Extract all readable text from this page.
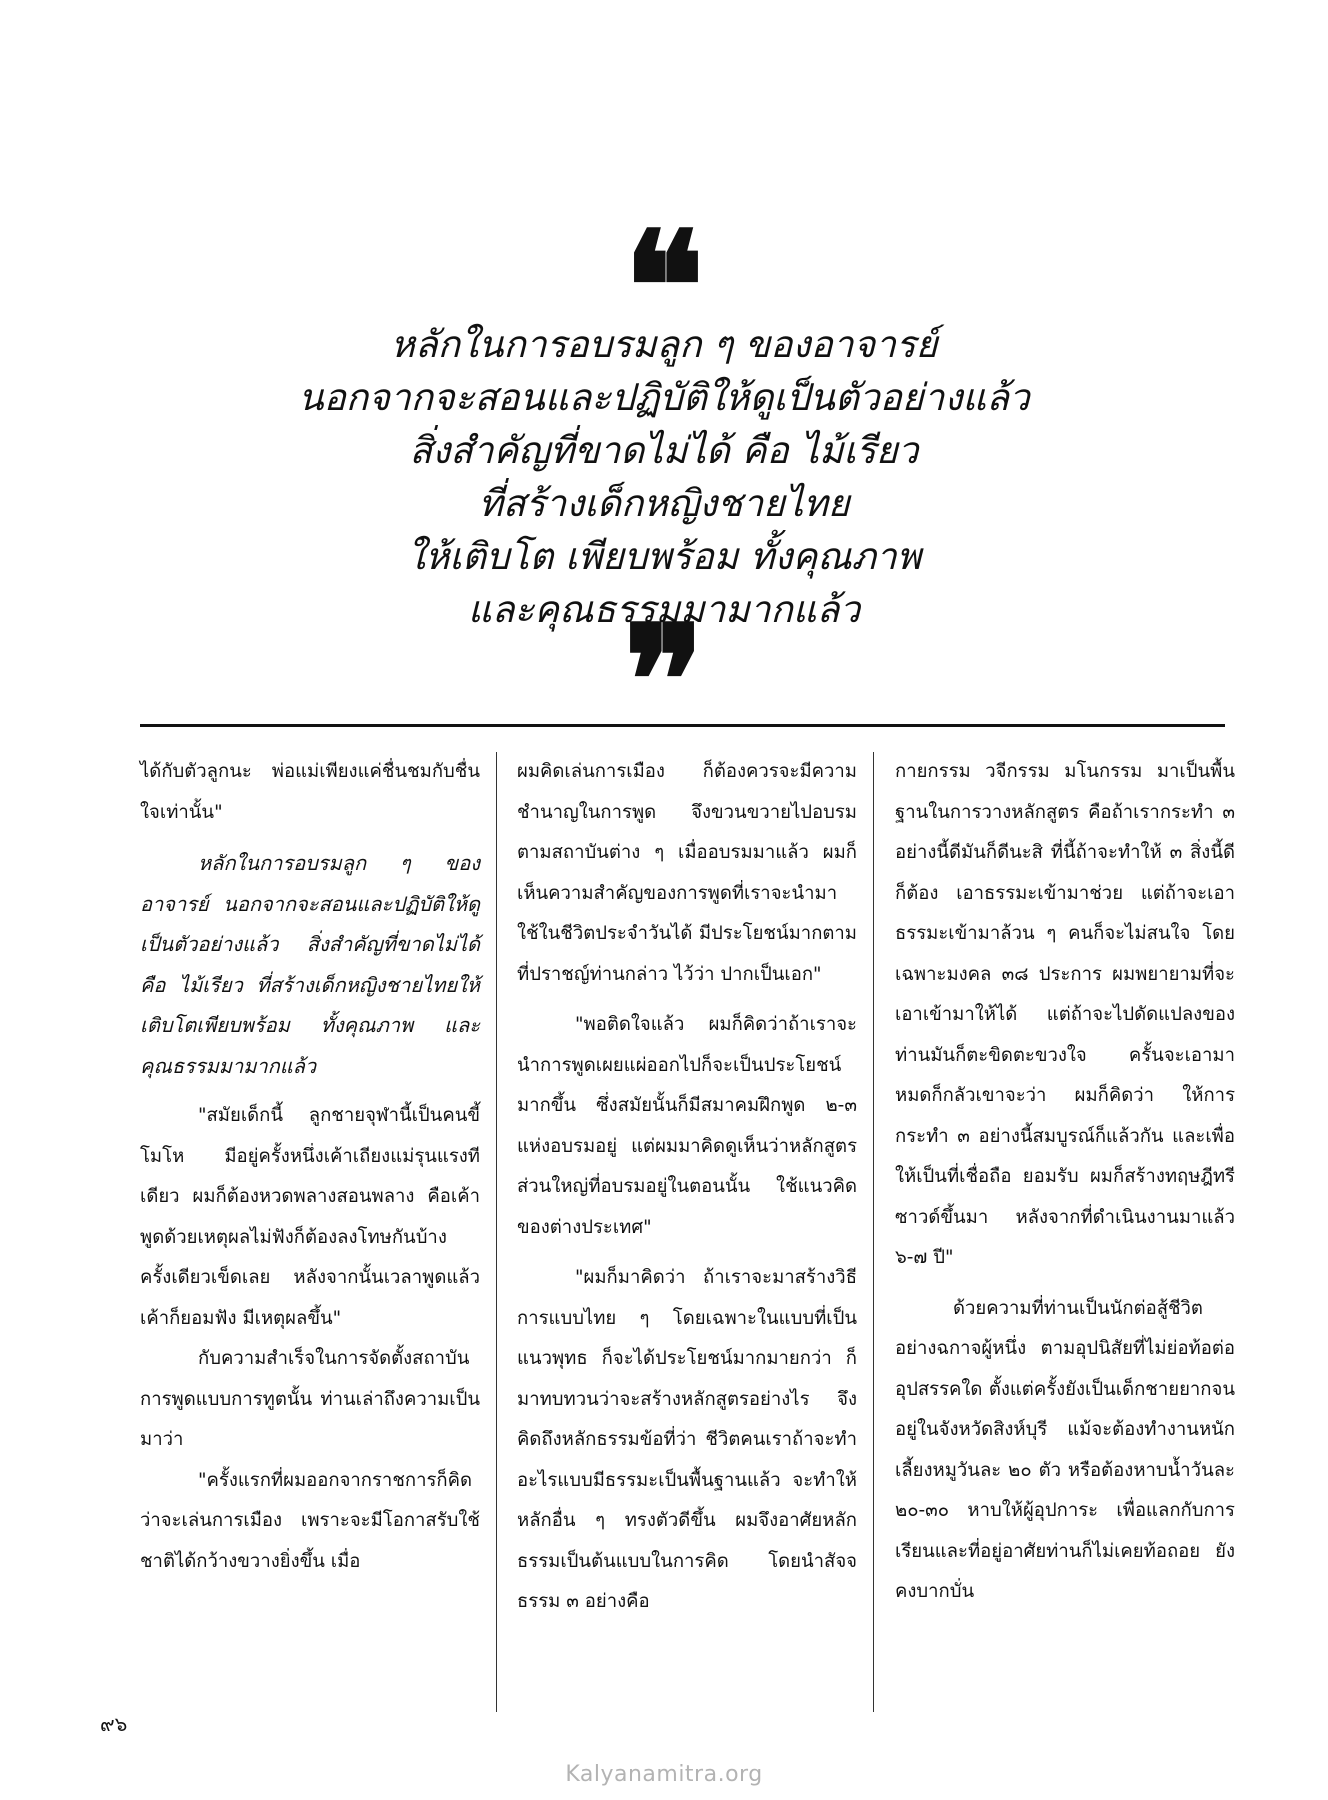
❝
หลักในการอบรมลูก ๆ ของอาจารย์
นอกจากจะสอนและปฏิบัติให้ดูเป็นตัวอย่างแล้ว
สิ่งสำคัญที่ขาดไม่ได้ คือ ไม้เรียว
ที่สร้างเด็กหญิงชายไทย
ให้เติบโต เพียบพร้อม ทั้งคุณภาพ
และคุณธรรมมามากแล้ว
❞

ได้กับตัวลูกนะ พ่อแม่เพียงแค่ชื่นชมกับชื่นใจเท่านั้น"

หลักในการอบรมลูก ๆ ของอาจารย์ นอกจากจะสอนและปฏิบัติให้ดูเป็นตัวอย่างแล้ว สิ่งสำคัญที่ขาดไม่ได้ คือ ไม้เรียว ที่สร้างเด็กหญิงชายไทยให้เติบโตเพียบพร้อม ทั้งคุณภาพ และคุณธรรมมามากแล้ว

"สมัยเด็กนี้ ลูกชายจุฬานี้เป็นคนขี้โมโห มีอยู่ครั้งหนึ่งเค้าเถียงแม่รุนแรงทีเดียว ผมก็ต้องหวดพลางสอนพลาง คือเค้าพูดด้วยเหตุผลไม่ฟังก็ต้องลงโทษกันบ้าง ครั้งเดียวเข็ดเลย หลังจากนั้นเวลาพูดแล้วเค้าก็ยอมฟัง มีเหตุผลขึ้น"

กับความสำเร็จในการจัดตั้งสถาบันการพูดแบบการทูตนั้น ท่านเล่าถึงความเป็นมาว่า

"ครั้งแรกที่ผมออกจากราชการก็คิดว่าจะเล่นการเมือง เพราะจะมีโอกาสรับใช้ชาติได้กว้างขวางยิ่งขึ้น เมื่อ

ผมคิดเล่นการเมือง ก็ต้องควรจะมีความชำนาญในการพูด จึงขวนขวายไปอบรมตามสถาบันต่าง ๆ เมื่ออบรมมาแล้ว ผมก็เห็นความสำคัญของการพูดที่เราจะนำมาใช้ในชีวิตประจำวันได้ มีประโยชน์มากตามที่ปราชญ์ท่านกล่าว ไว้ว่า ปากเป็นเอก"

"พอติดใจแล้ว ผมก็คิดว่าถ้าเราจะนำการพูดเผยแผ่ออกไปก็จะเป็นประโยชน์มากขึ้น ซึ่งสมัยนั้นก็มีสมาคมฝึกพูด ๒-๓ แห่งอบรมอยู่ แต่ผมมาคิดดูเห็นว่าหลักสูตรส่วนใหญ่ที่อบรมอยู่ในตอนนั้น ใช้แนวคิดของต่างประเทศ"

"ผมก็มาคิดว่า ถ้าเราจะมาสร้างวิธีการแบบไทย ๆ โดยเฉพาะในแบบที่เป็นแนวพุทธ ก็จะได้ประโยชน์มากมายกว่า ก็มาทบทวนว่าจะสร้างหลักสูตรอย่างไร จึงคิดถึงหลักธรรมข้อที่ว่า ชีวิตคนเราถ้าจะทำอะไรแบบมีธรรมะเป็นพื้นฐานแล้ว จะทำให้หลักอื่น ๆ ทรงตัวดีขึ้น ผมจึงอาศัยหลักธรรมเป็นต้นแบบในการคิด โดยนำสัจจธรรม ๓ อย่างคือ

กายกรรม วจีกรรม มโนกรรม มาเป็นพื้นฐานในการวางหลักสูตร คือถ้าเรากระทำ ๓ อย่างนี้ดีมันก็ดีนะสิ ที่นี้ถ้าจะทำให้ ๓ สิ่งนี้ดีก็ต้อง เอาธรรมะเข้ามาช่วย แต่ถ้าจะเอาธรรมะเข้ามาล้วน ๆ คนก็จะไม่สนใจ โดยเฉพาะมงคล ๓๘ ประการ ผมพยายามที่จะเอาเข้ามาให้ได้ แต่ถ้าจะไปดัดแปลงของท่านมันก็ตะขิดตะขวงใจ ครั้นจะเอามาหมดก็กลัวเขาจะว่า ผมก็คิดว่า ให้การกระทำ ๓ อย่างนี้สมบูรณ์ก็แล้วกัน และเพื่อให้เป็นที่เชื่อถือ ยอมรับ ผมก็สร้างทฤษฎีทรีซาวด์ขึ้นมา หลังจากที่ดำเนินงานมาแล้ว ๖-๗ ปี"

ด้วยความที่ท่านเป็นนักต่อสู้ชีวิตอย่างฉกาจผู้หนึ่ง ตามอุปนิสัยที่ไม่ย่อท้อต่ออุปสรรคใด ตั้งแต่ครั้งยังเป็นเด็กชายยากจนอยู่ในจังหวัดสิงห์บุรี แม้จะต้องทำงานหนัก เลี้ยงหมูวันละ ๒๐ ตัว หรือต้องหาบน้ำวันละ ๒๐-๓๐ หาบให้ผู้อุปการะ เพื่อแลกกับการเรียนและที่อยู่อาศัยท่านก็ไม่เคยท้อถอย ยังคงบากบั่น

๙๖
Kalyanamitra.org
